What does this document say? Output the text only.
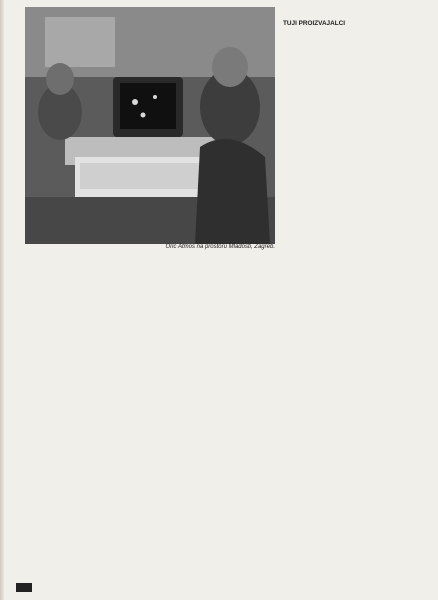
Oric Atmos na prostoru Mladosti, Zagreb.
TUJI PROIZVAJALCI
